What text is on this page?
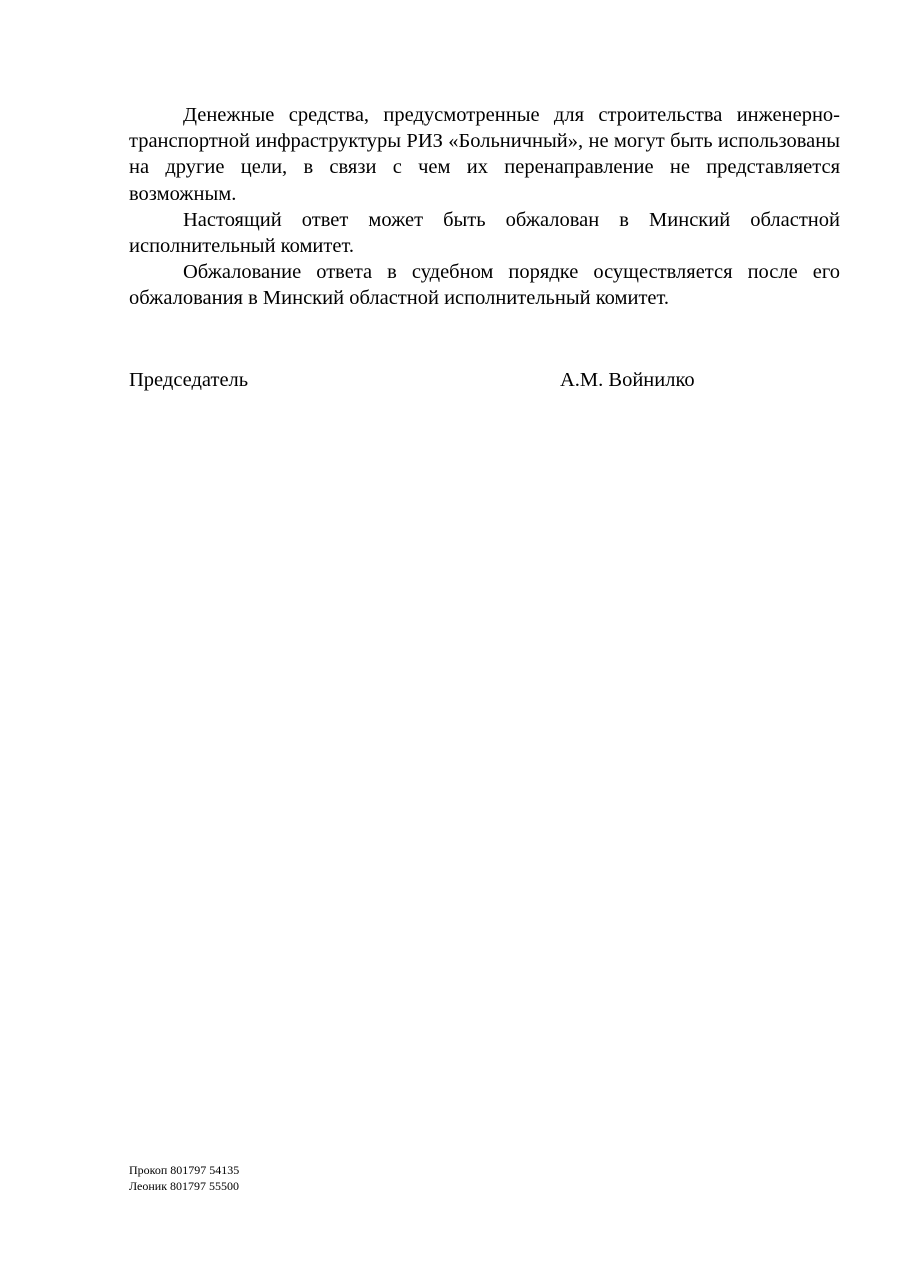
Денежные средства, предусмотренные для строительства инженерно-транспортной инфраструктуры РИЗ «Больничный», не могут быть использованы на другие цели, в связи с чем их перенаправление не представляется возможным.

Настоящий ответ может быть обжалован в Минский областной исполнительный комитет.

Обжалование ответа в судебном порядке осуществляется после его обжалования в Минский областной исполнительный комитет.

Председатель	А.М. Войнилко
Прокоп 801797 54135
Леоник 801797 55500
